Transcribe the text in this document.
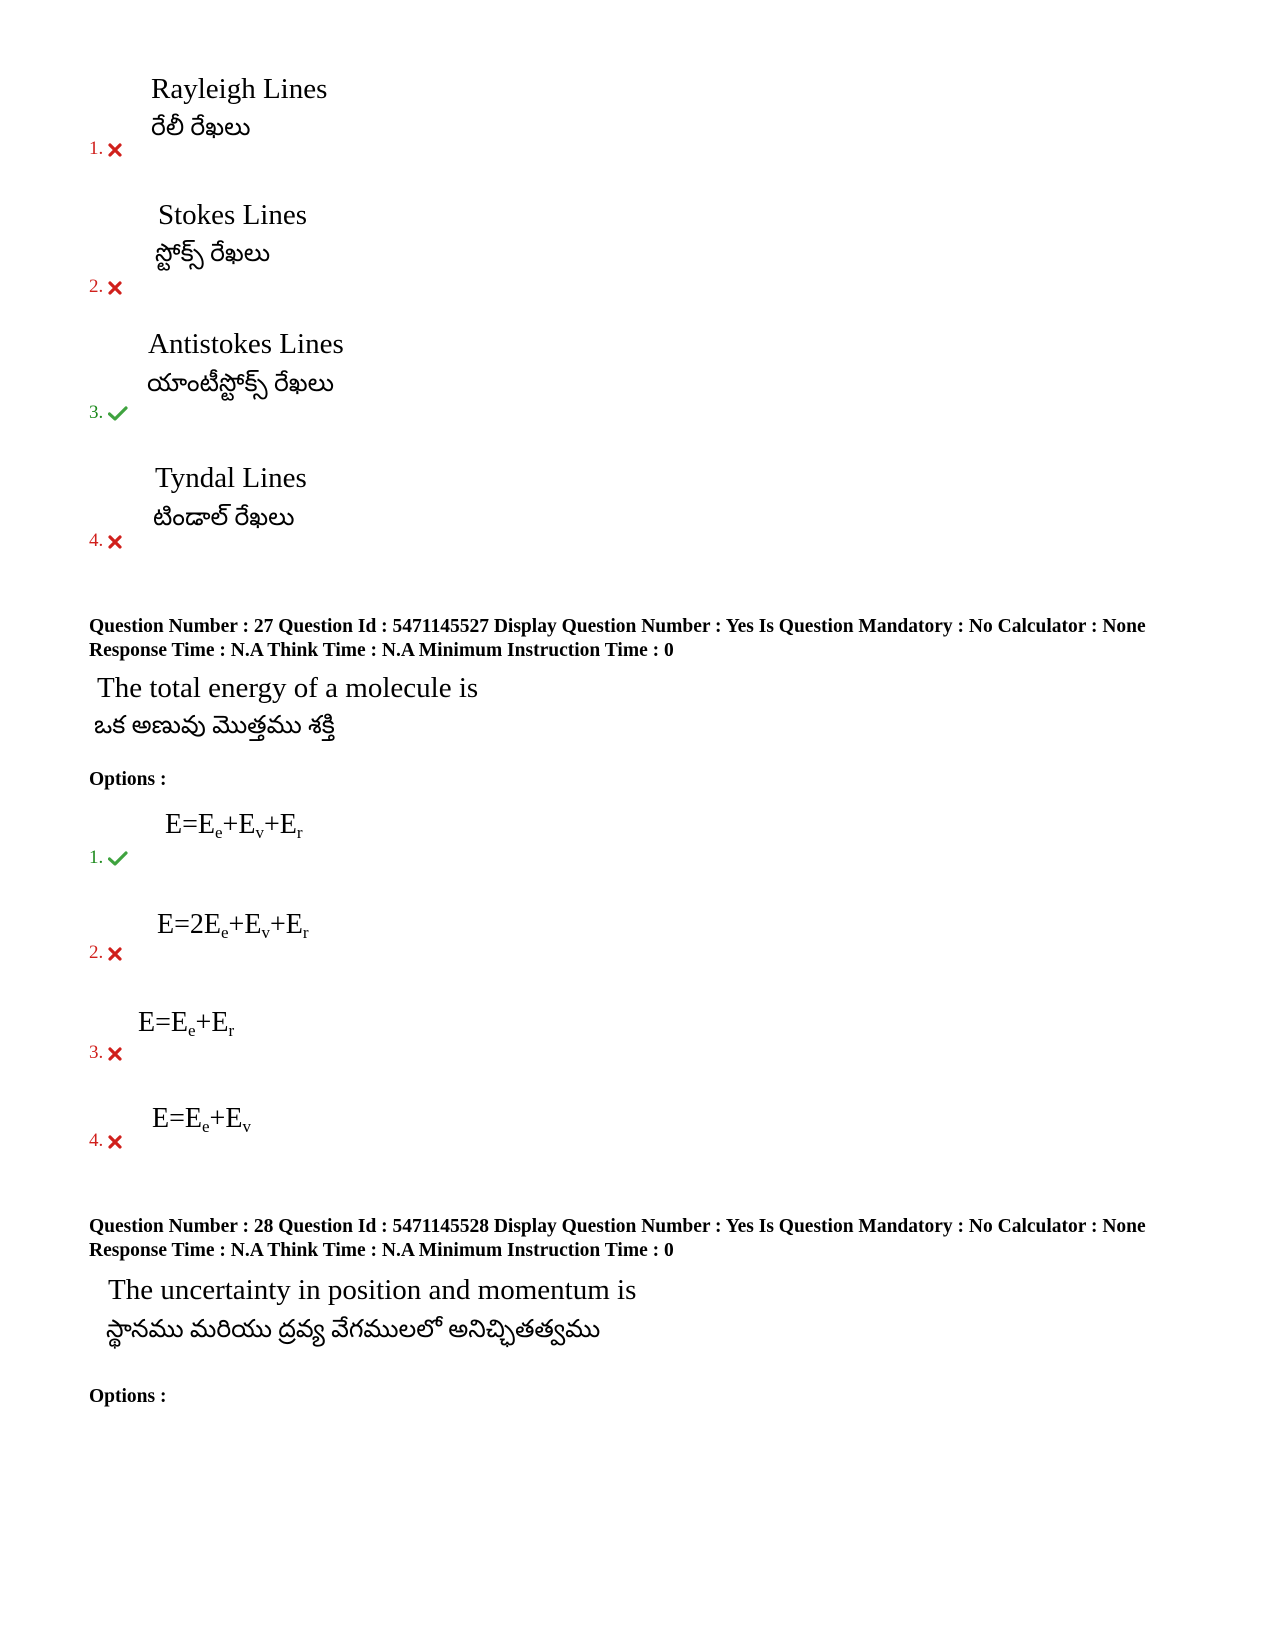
Rayleigh Lines
రేలీ రేఖలు
1.
Stokes Lines
స్టోక్స్ రేఖలు
2.
Antistokes Lines
యాంటీస్టోక్స్ రేఖలు
3.
Tyndal Lines
టిండాల్ రేఖలు
4.
Question Number : 27 Question Id : 5471145527 Display Question Number : Yes Is Question Mandatory : No Calculator : None Response Time : N.A Think Time : N.A Minimum Instruction Time : 0
The total energy of a molecule is
ఒక అణువు మొత్తము శక్తి
Options :
$E=E_e+E_v+E_r$
1.
$E=2E_e+E_v+E_r$
2.
$E=E_e+E_r$
3.
$E=E_e+E_v$
4.
Question Number : 28 Question Id : 5471145528 Display Question Number : Yes Is Question Mandatory : No Calculator : None Response Time : N.A Think Time : N.A Minimum Instruction Time : 0
The uncertainty in position and momentum is
స్థానము మరియు ద్రవ్య వేగములలో అనిచ్ఛితత్వము
Options :
